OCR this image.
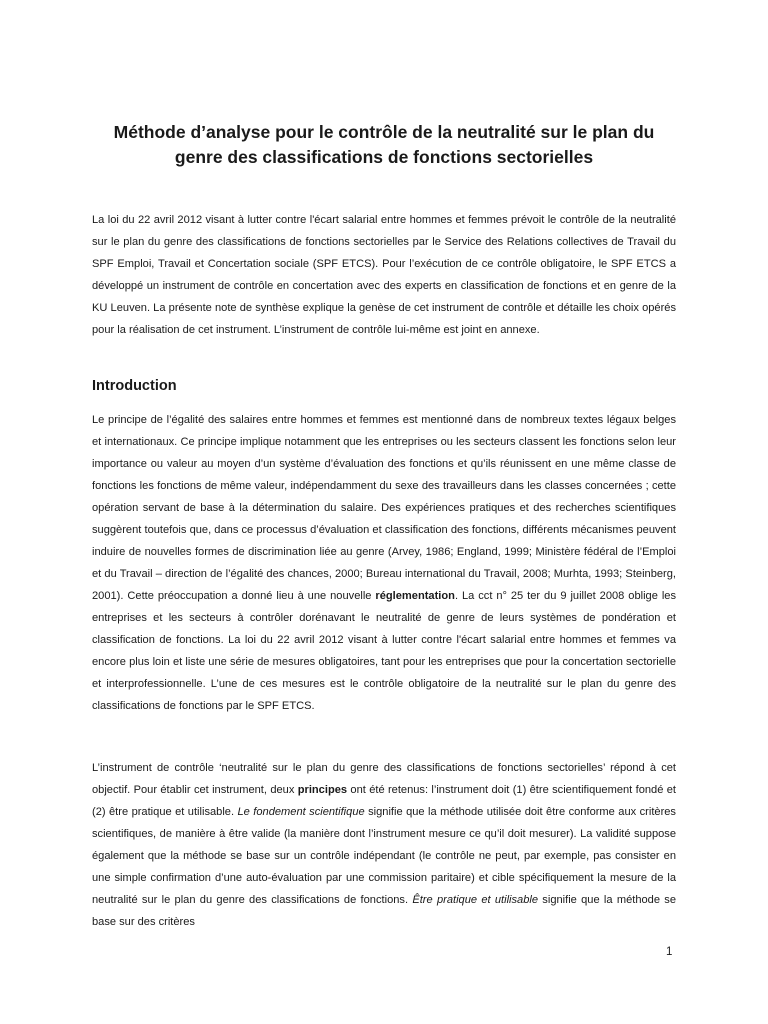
Méthode d’analyse pour le contrôle de la neutralité sur le plan du genre des classifications de fonctions sectorielles

La loi du 22 avril 2012 visant à lutter contre l'écart salarial entre hommes et femmes prévoit le contrôle de la neutralité sur le plan du genre des classifications de fonctions sectorielles par le Service des Relations collectives de Travail du SPF Emploi, Travail et Concertation sociale (SPF ETCS). Pour l’exécution de ce contrôle obligatoire, le SPF ETCS a développé un instrument de contrôle en concertation avec des experts en classification de fonctions et en genre de la KU Leuven. La présente note de synthèse explique la genèse de cet instrument de contrôle et détaille les choix opérés pour la réalisation de cet instrument. L’instrument de contrôle lui-même est joint en annexe.

Introduction

Le principe de l’égalité des salaires entre hommes et femmes est mentionné dans de nombreux textes légaux belges et internationaux. Ce principe implique notamment que les entreprises ou les secteurs classent les fonctions selon leur importance ou valeur au moyen d’un système d’évaluation des fonctions et qu’ils réunissent en une même classe de fonctions les fonctions de même valeur, indépendamment du sexe des travailleurs dans les classes concernées ; cette opération servant de base à la détermination du salaire. Des expériences pratiques et des recherches scientifiques suggèrent toutefois que, dans ce processus d’évaluation et classification des fonctions, différents mécanismes peuvent induire de nouvelles formes de discrimination liée au genre (Arvey, 1986; England, 1999; Ministère fédéral de l’Emploi et du Travail – direction de l’égalité des chances, 2000; Bureau international du Travail, 2008; Murhta, 1993; Steinberg, 2001). Cette préoccupation a donné lieu à une nouvelle réglementation. La cct n° 25 ter du 9 juillet 2008 oblige les entreprises et les secteurs à contrôler dorénavant le neutralité de genre de leurs systèmes de pondération et classification de fonctions. La loi du 22 avril 2012 visant à lutter contre l'écart salarial entre hommes et femmes va encore plus loin et liste une série de mesures obligatoires, tant pour les entreprises que pour la concertation sectorielle et interprofessionnelle. L’une de ces mesures est le contrôle obligatoire de la neutralité sur le plan du genre des classifications de fonctions par le SPF ETCS.

L’instrument de contrôle ‘neutralité sur le plan du genre des classifications de fonctions sectorielles’ répond à cet objectif. Pour établir cet instrument, deux principes ont été retenus: l’instrument doit (1) être scientifiquement fondé et (2) être pratique et utilisable. Le fondement scientifique signifie que la méthode utilisée doit être conforme aux critères scientifiques, de manière à être valide (la manière dont l’instrument mesure ce qu’il doit mesurer). La validité suppose également que la méthode se base sur un contrôle indépendant (le contrôle ne peut, par exemple, pas consister en une simple confirmation d’une auto-évaluation par une commission paritaire) et cible spécifiquement la mesure de la neutralité sur le plan du genre des classifications de fonctions. Être pratique et utilisable signifie que la méthode se base sur des critères

1
